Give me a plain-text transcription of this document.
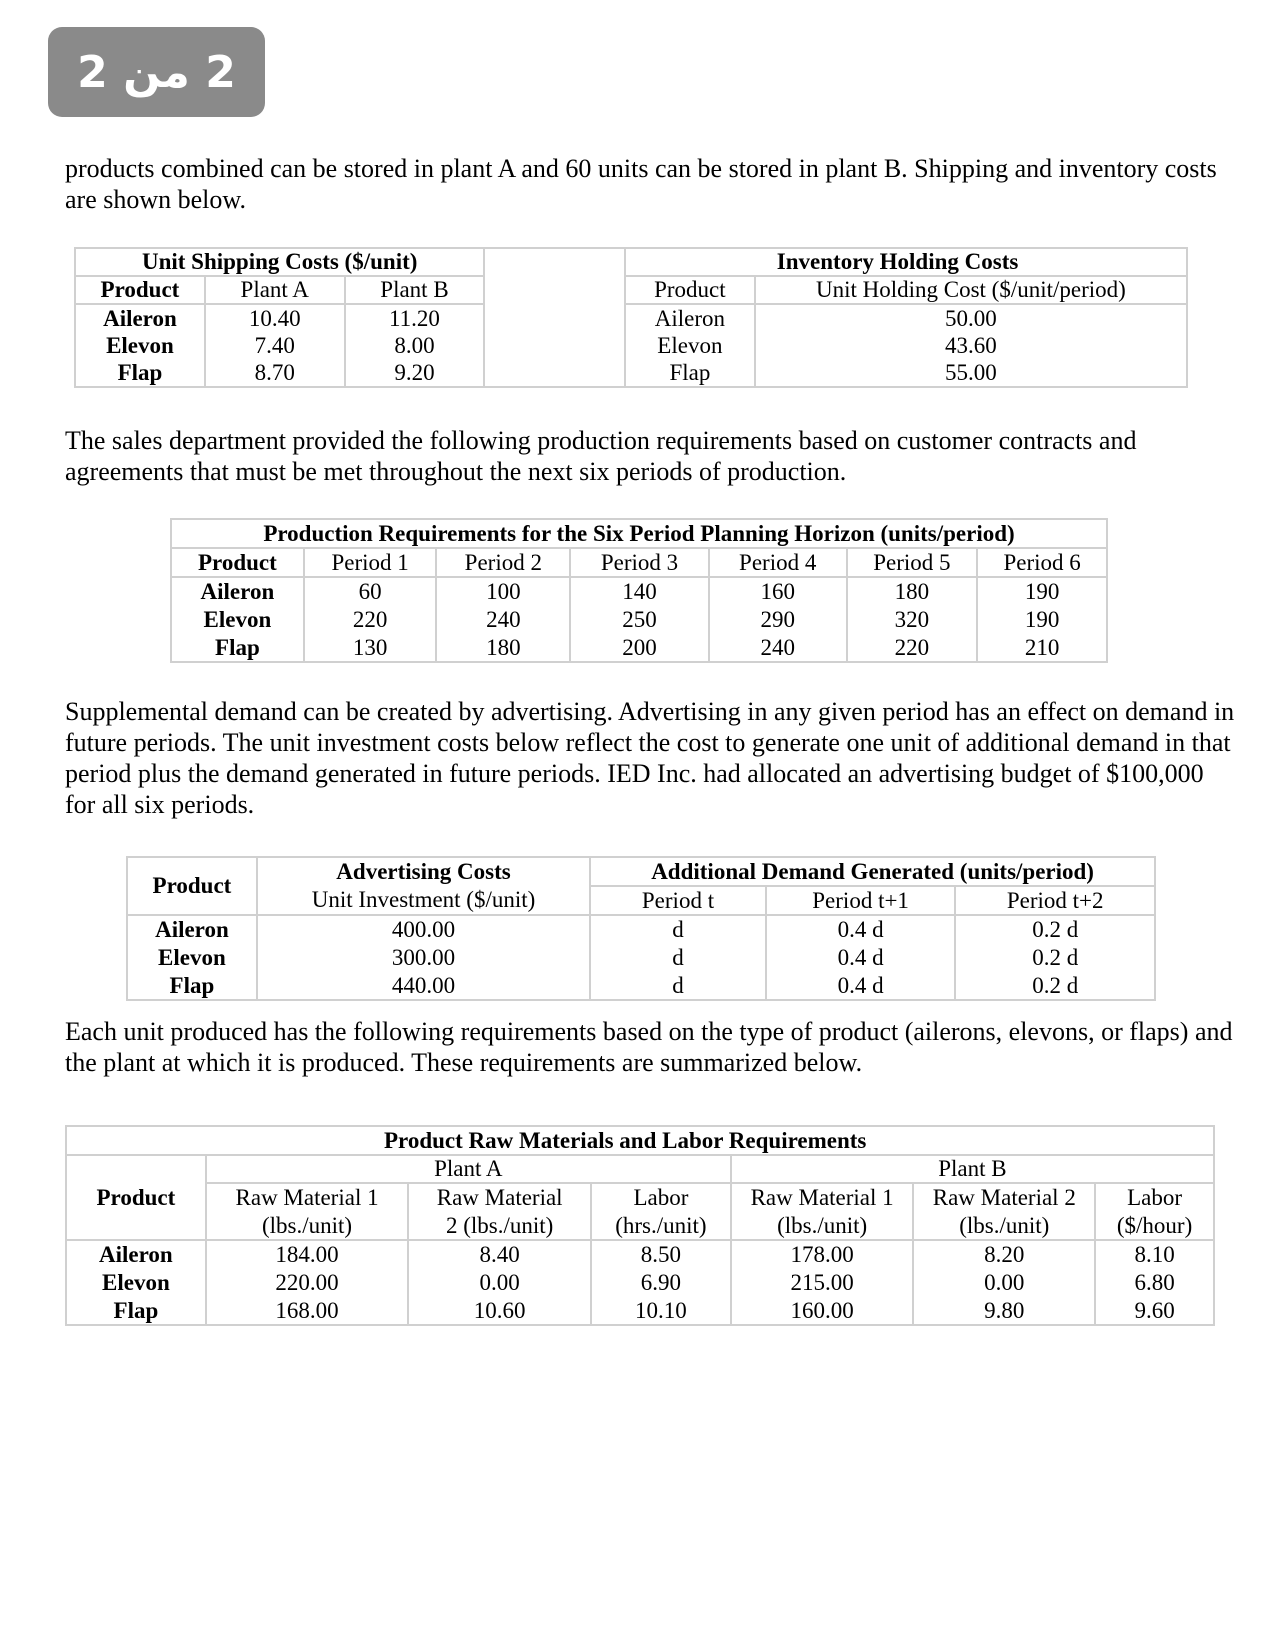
2 من 2

products combined can be stored in plant A and 60 units can be stored in plant B. Shipping and inventory costs are shown below.

Unit Shipping Costs ($/unit)					Inventory Holding Costs
Product	Plant A	Plant B		Product	Unit Holding Cost ($/unit/period)
Aileron	10.40	11.20		Aileron	50.00
Elevon	7.40	8.00		Elevon	43.60
Flap	8.70	9.20		Flap	55.00

The sales department provided the following production requirements based on customer contracts and agreements that must be met throughout the next six periods of production.

Production Requirements for the Six Period Planning Horizon (units/period)						
Product	Period 1	Period 2	Period 3	Period 4	Period 5	Period 6
Aileron	60	100	140	160	180	190
Elevon	220	240	250	290	320	190
Flap	130	180	200	240	220	210

Supplemental demand can be created by advertising. Advertising in any given period has an effect on demand in future periods. The unit investment costs below reflect the cost to generate one unit of additional demand in that period plus the demand generated in future periods. IED Inc. had allocated an advertising budget of $100,000 for all six periods.

Product	Advertising Costs	Additional Demand Generated (units/period)		
	Unit Investment ($/unit)	Period t	Period t+1	Period t+2
Aileron	400.00	d	0.4 d	0.2 d
Elevon	300.00	d	0.4 d	0.2 d
Flap	440.00	d	0.4 d	0.2 d

Each unit produced has the following requirements based on the type of product (ailerons, elevons, or flaps) and the plant at which it is produced. These requirements are summarized below.

Product Raw Materials and Labor Requirements						
Product	Plant A			Plant B		
	Raw Material 1	Raw Material	Labor	Raw Material 1	Raw Material 2	Labor
	(lbs./unit)	2 (lbs./unit)	(hrs./unit)	(lbs./unit)	(lbs./unit)	($/hour)
Aileron	184.00	8.40	8.50	178.00	8.20	8.10
Elevon	220.00	0.00	6.90	215.00	0.00	6.80
Flap	168.00	10.60	10.10	160.00	9.80	9.60
